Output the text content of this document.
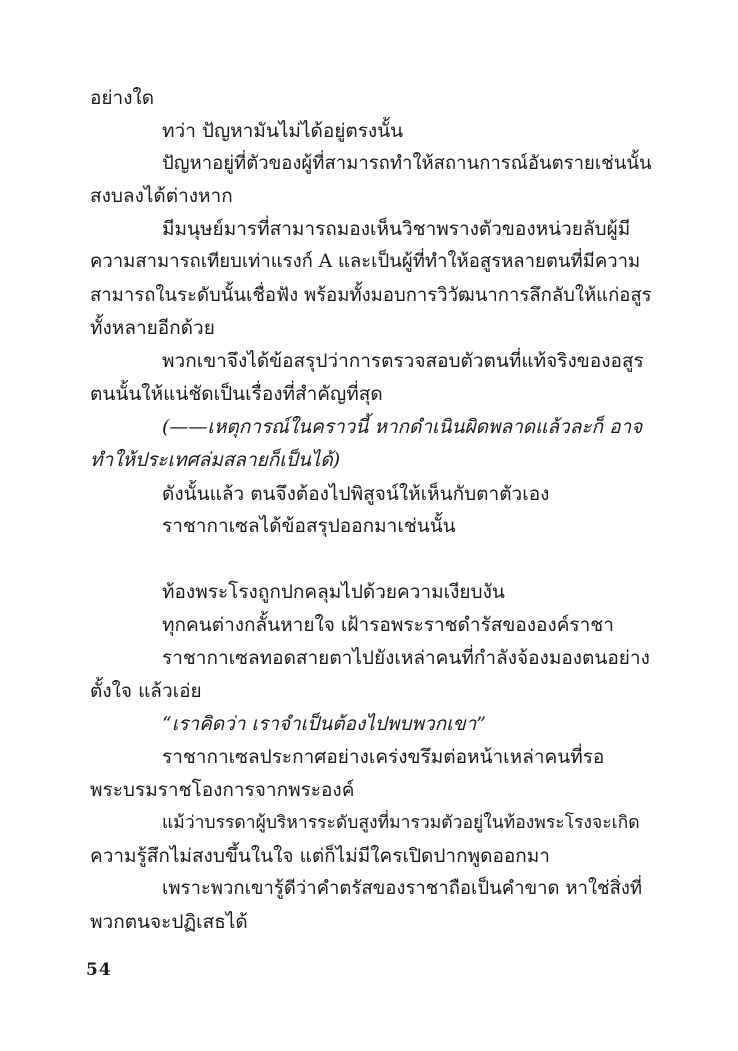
อย่างใด
ทว่า ปัญหามันไม่ได้อยู่ตรงนั้น
ปัญหาอยู่ที่ตัวของผู้ที่สามารถทำให้สถานการณ์อันตรายเช่นนั้น
สงบลงได้ต่างหาก
มีมนุษย์มารที่สามารถมองเห็นวิชาพรางตัวของหน่วยลับผู้มี
ความสามารถเทียบเท่าแรงก์ A และเป็นผู้ที่ทำให้อสูรหลายตนที่มีความ
สามารถในระดับนั้นเชื่อฟัง พร้อมทั้งมอบการวิวัฒนาการลึกลับให้แก่อสูร
ทั้งหลายอีกด้วย
พวกเขาจึงได้ข้อสรุปว่าการตรวจสอบตัวตนที่แท้จริงของอสูร
ตนนั้นให้แน่ชัดเป็นเรื่องที่สำคัญที่สุด
(——เหตุการณ์ในคราวนี้ หากดำเนินผิดพลาดแล้วละก็ อาจ
ทำให้ประเทศล่มสลายก็เป็นได้)
ดังนั้นแล้ว ตนจึงต้องไปพิสูจน์ให้เห็นกับตาตัวเอง
ราชากาเซลได้ข้อสรุปออกมาเช่นนั้น
ท้องพระโรงถูกปกคลุมไปด้วยความเงียบงัน
ทุกคนต่างกลั้นหายใจ เฝ้ารอพระราชดำรัสขององค์ราชา
ราชากาเซลทอดสายตาไปยังเหล่าคนที่กำลังจ้องมองตนอย่าง
ตั้งใจ แล้วเอ่ย
“เราคิดว่า เราจำเป็นต้องไปพบพวกเขา”
ราชากาเซลประกาศอย่างเคร่งขรึมต่อหน้าเหล่าคนที่รอ
พระบรมราชโองการจากพระองค์
แม้ว่าบรรดาผู้บริหารระดับสูงที่มารวมตัวอยู่ในท้องพระโรงจะเกิด
ความรู้สึกไม่สงบขึ้นในใจ แต่ก็ไม่มีใครเปิดปากพูดออกมา
เพราะพวกเขารู้ดีว่าคำตรัสของราชาถือเป็นคำขาด หาใช่สิ่งที่
พวกตนจะปฏิเสธได้
54
